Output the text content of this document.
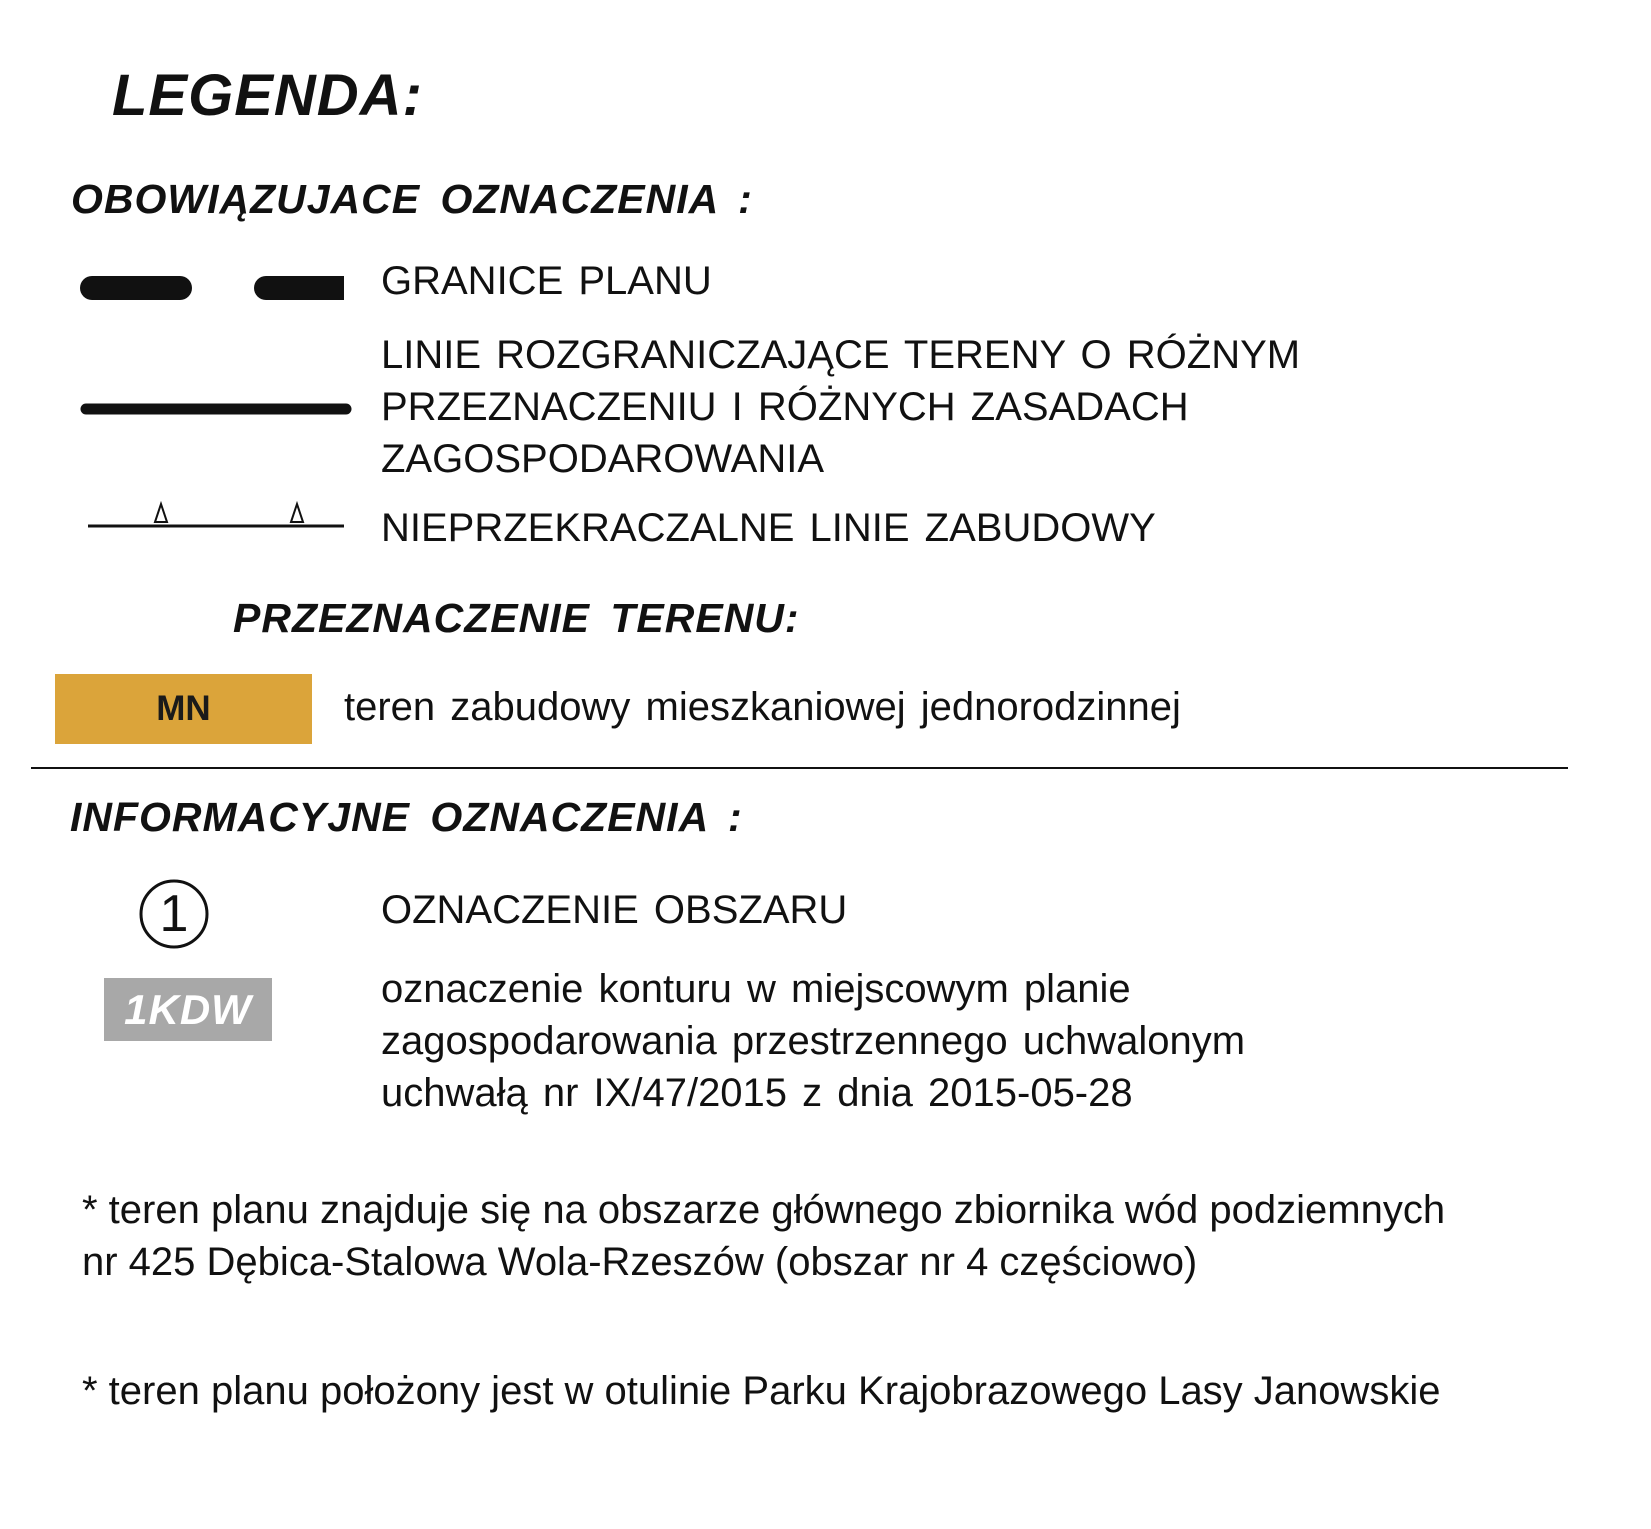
LEGENDA:
OBOWIĄZUJACE OZNACZENIA :
GRANICE PLANU
LINIE ROZGRANICZAJĄCE TERENY O RÓŻNYM
PRZEZNACZENIU I RÓŻNYCH ZASADACH
ZAGOSPODAROWANIA
NIEPRZEKRACZALNE LINIE ZABUDOWY
PRZEZNACZENIE TERENU:
MN	teren zabudowy mieszkaniowej jednorodzinnej
INFORMACYJNE OZNACZENIA :
1	OZNACZENIE OBSZARU
1KDW	oznaczenie konturu w miejscowym planie
zagospodarowania przestrzennego uchwalonym
uchwałą nr IX/47/2015 z dnia 2015-05-28
* teren planu znajduje się na obszarze głównego zbiornika wód podziemnych nr 425 Dębica-Stalowa Wola-Rzeszów (obszar nr 4 częściowo)
* teren planu położony jest w otulinie Parku Krajobrazowego Lasy Janowskie
